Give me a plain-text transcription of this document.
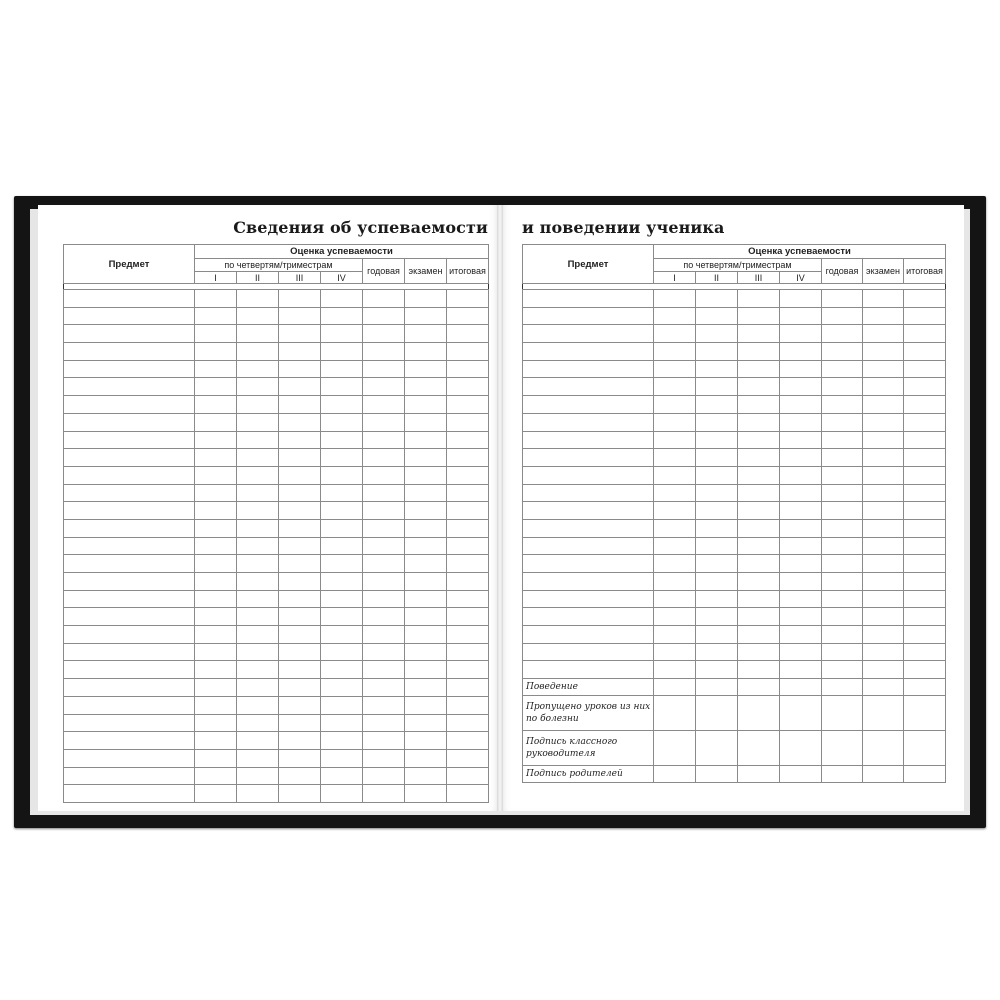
Сведения об успеваемости и поведении ученика
Предмет	Оценка успеваемости						
	по четвертям/триместрам				годовая	экзамен	итоговая
	I	II	III	IV			

Предмет	Оценка успеваемости						
	по четвертям/триместрам				годовая	экзамен	итоговая
	I	II	III	IV			

Поведение							
Пропущено уроков из них по болезни							
Подпись классного руководителя							
Подпись родителей							
